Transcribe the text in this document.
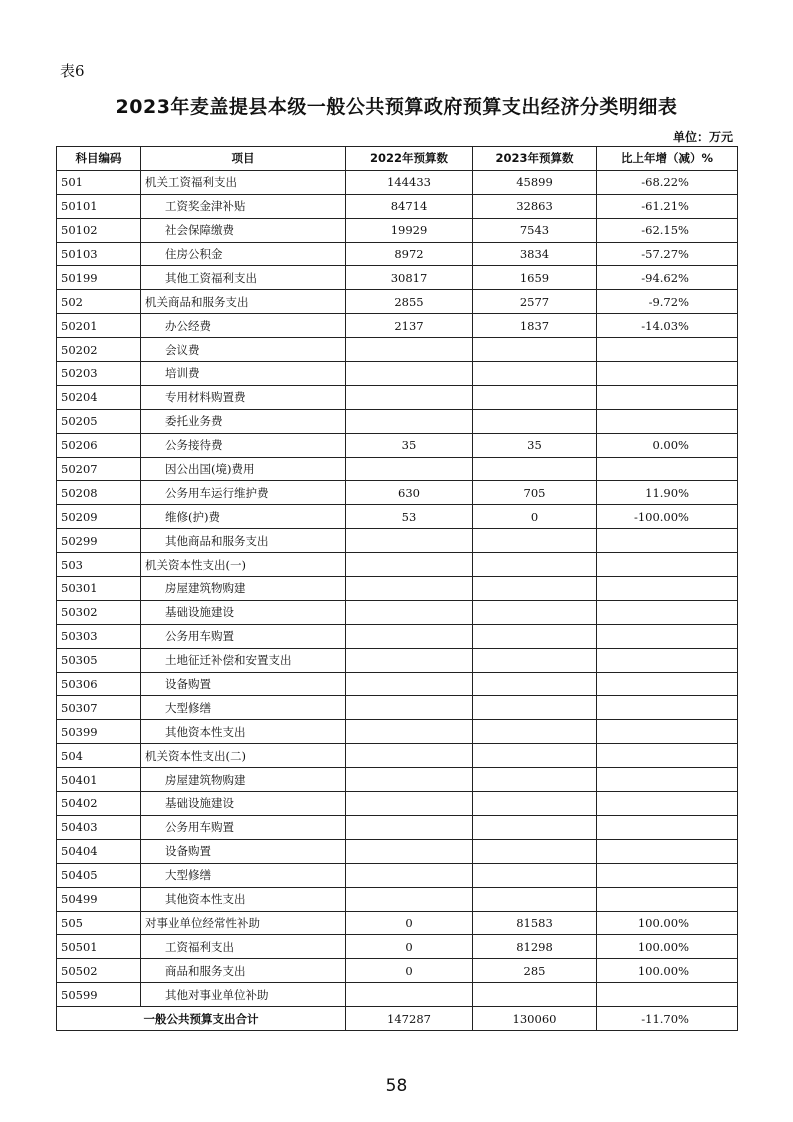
表6
2023年麦盖提县本级一般公共预算政府预算支出经济分类明细表
单位：万元
科目编码	项目	2022年预算数	2023年预算数	比上年增（减）%
501	机关工资福利支出	144433	45899	-68.22%
50101	工资奖金津补贴	84714	32863	-61.21%
50102	社会保障缴费	19929	7543	-62.15%
50103	住房公积金	8972	3834	-57.27%
50199	其他工资福利支出	30817	1659	-94.62%
502	机关商品和服务支出	2855	2577	-9.72%
50201	办公经费	2137	1837	-14.03%
50202	会议费			
50203	培训费			
50204	专用材料购置费			
50205	委托业务费			
50206	公务接待费	35	35	0.00%
50207	因公出国(境)费用			
50208	公务用车运行维护费	630	705	11.90%
50209	维修(护)费	53	0	-100.00%
50299	其他商品和服务支出			
503	机关资本性支出(一)			
50301	房屋建筑物购建			
50302	基础设施建设			
50303	公务用车购置			
50305	土地征迁补偿和安置支出			
50306	设备购置			
50307	大型修缮			
50399	其他资本性支出			
504	机关资本性支出(二)			
50401	房屋建筑物购建			
50402	基础设施建设			
50403	公务用车购置			
50404	设备购置			
50405	大型修缮			
50499	其他资本性支出			
505	对事业单位经常性补助	0	81583	100.00%
50501	工资福利支出	0	81298	100.00%
50502	商品和服务支出	0	285	100.00%
50599	其他对事业单位补助			
一般公共预算支出合计		147287	130060	-11.70%
58
